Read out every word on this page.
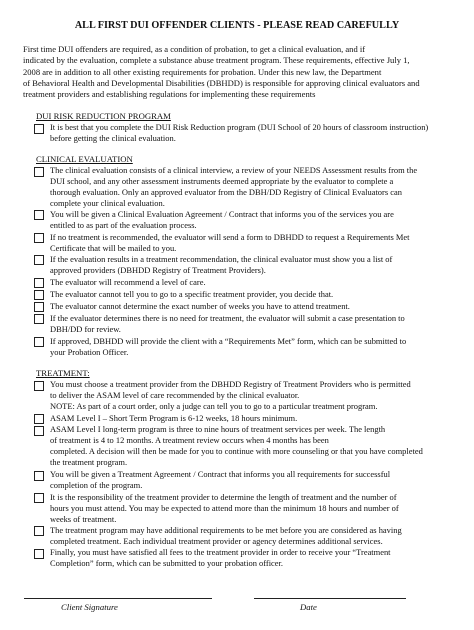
ALL FIRST DUI OFFENDER CLIENTS - PLEASE READ CAREFULLY
First time DUI offenders are required, as a condition of probation, to get a clinical evaluation, and if
indicated by the evaluation, complete a substance abuse treatment program. These requirements, effective July 1,
2008 are in addition to all other existing requirements for probation. Under this new law, the Department
of Behavioral Health and Developmental Disabilities (DBHDD) is responsible for approving clinical evaluators and
treatment providers and establishing regulations for implementing these requirements
DUI RISK REDUCTION PROGRAM
It is best that you complete the DUI Risk Reduction program (DUI School of 20 hours of classroom instruction)
before getting the clinical evaluation.
CLINICAL EVALUATION
The clinical evaluation consists of a clinical interview, a review of your NEEDS Assessment results from the
DUI school, and any other assessment instruments deemed appropriate by the evaluator to complete a
thorough evaluation. Only an approved evaluator from the DBH/DD Registry of Clinical Evaluators can
complete your clinical evaluation.
You will be given a Clinical Evaluation Agreement / Contract that informs you of the services you are
entitled to as part of the evaluation process.
If no treatment is recommended, the evaluator will send a form to DBHDD to request a Requirements Met
Certificate that will be mailed to you.
If the evaluation results in a treatment recommendation, the clinical evaluator must show you a list of
approved providers (DBHDD Registry of Treatment Providers).
The evaluator will recommend a level of care.
The evaluator cannot tell you to go to a specific treatment provider, you decide that.
The evaluator cannot determine the exact number of weeks you have to attend treatment.
If the evaluator determines there is no need for treatment, the evaluator will submit a case presentation to
DBH/DD for review.
If approved, DBHDD will provide the client with a “Requirements Met” form, which can be submitted to
your Probation Officer.
TREATMENT:
You must choose a treatment provider from the DBHDD Registry of Treatment Providers who is permitted
to deliver the ASAM level of care recommended by the clinical evaluator.
NOTE: As part of a court order, only a judge can tell you to go to a particular treatment program.
ASAM Level I – Short Term Program is 6-12 weeks, 18 hours minimum.
ASAM Level I long-term program is three to nine hours of treatment services per week. The length
of treatment is 4 to 12 months. A treatment review occurs when 4 months has been
completed. A decision will then be made for you to continue with more counseling or that you have completed
the treatment program.
You will be given a Treatment Agreement / Contract that informs you all requirements for successful
completion of the program.
It is the responsibility of the treatment provider to determine the length of treatment and the number of
hours you must attend. You may be expected to attend more than the minimum 18 hours and number of
weeks of treatment.
The treatment program may have additional requirements to be met before you are considered as having
completed treatment. Each individual treatment provider or agency determines additional services.
Finally, you must have satisfied all fees to the treatment provider in order to receive your “Treatment
Completion” form, which can be submitted to your probation officer.
Client Signature	Date
